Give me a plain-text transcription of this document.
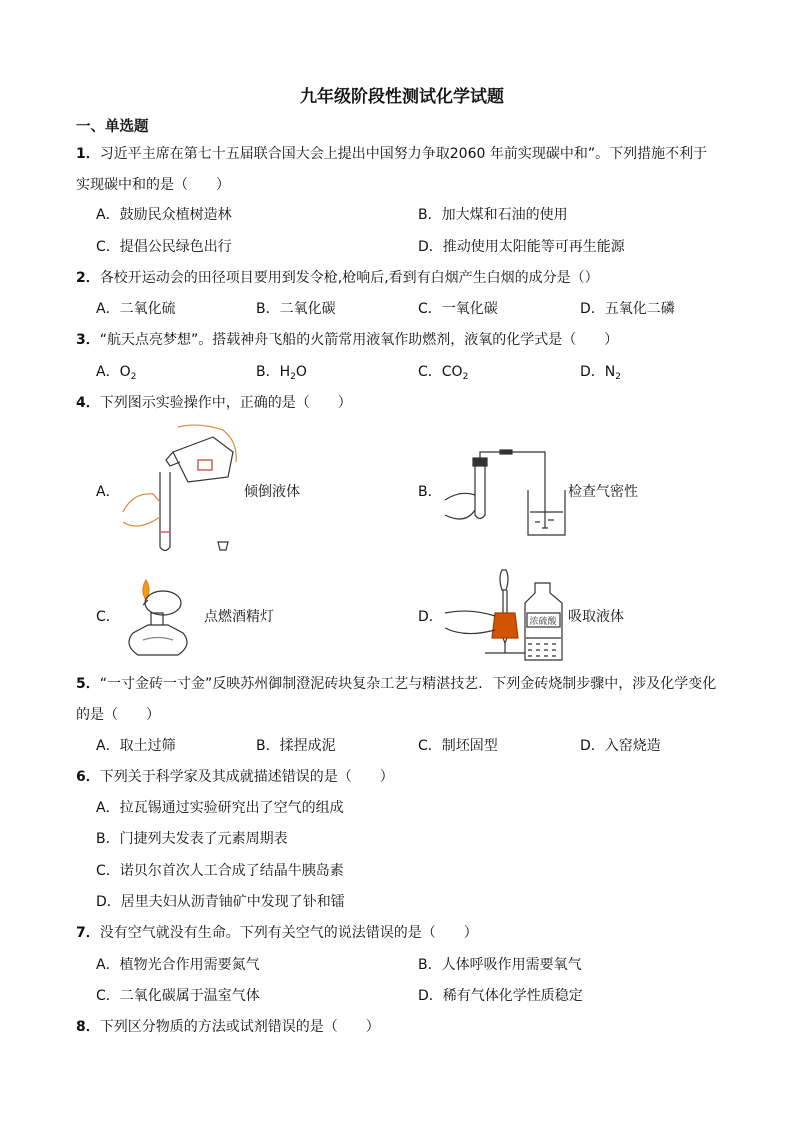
九年级阶段性测试化学试题
一、单选题
1．习近平主席在第七十五届联合国大会上提出中国努力争取2060 年前实现碳中和”。下列措施不利于
实现碳中和的是（　　）
A．鼓励民众植树造林	B．加大煤和石油的使用
C．提倡公民绿色出行	D．推动使用太阳能等可再生能源
2．各校开运动会的田径项目要用到发令枪,枪响后,看到有白烟产生白烟的成分是（）
A．二氧化硫	B．二氧化碳	C．一氧化碳	D．五氧化二磷
3．“航天点亮梦想”。搭载神舟飞船的火箭常用液氧作助燃剂，液氧的化学式是（　　）
A．$O_2$	B．$H_2O$	C．$CO_2$	D．$N_2$
4．下列图示实验操作中，正确的是（　　）
A．	倾倒液体	B．	检查气密性
C．	点燃酒精灯	D．	浓硫酸 吸取液体
5．“一寸金砖一寸金”反映苏州御制澄泥砖块复杂工艺与精湛技艺．下列金砖烧制步骤中，涉及化学变化
的是（　　）
A．取土过筛	B．揉捏成泥	C．制坯固型	D．入窑烧造
6．下列关于科学家及其成就描述错误的是（　　）
A．拉瓦锡通过实验研究出了空气的组成
B．门捷列夫发表了元素周期表
C．诺贝尔首次人工合成了结晶牛胰岛素
D．居里夫妇从沥青铀矿中发现了钋和镭
7．没有空气就没有生命。下列有关空气的说法错误的是（　　）
A．植物光合作用需要氮气	B．人体呼吸作用需要氧气
C．二氧化碳属于温室气体	D．稀有气体化学性质稳定
8．下列区分物质的方法或试剂错误的是（　　）
